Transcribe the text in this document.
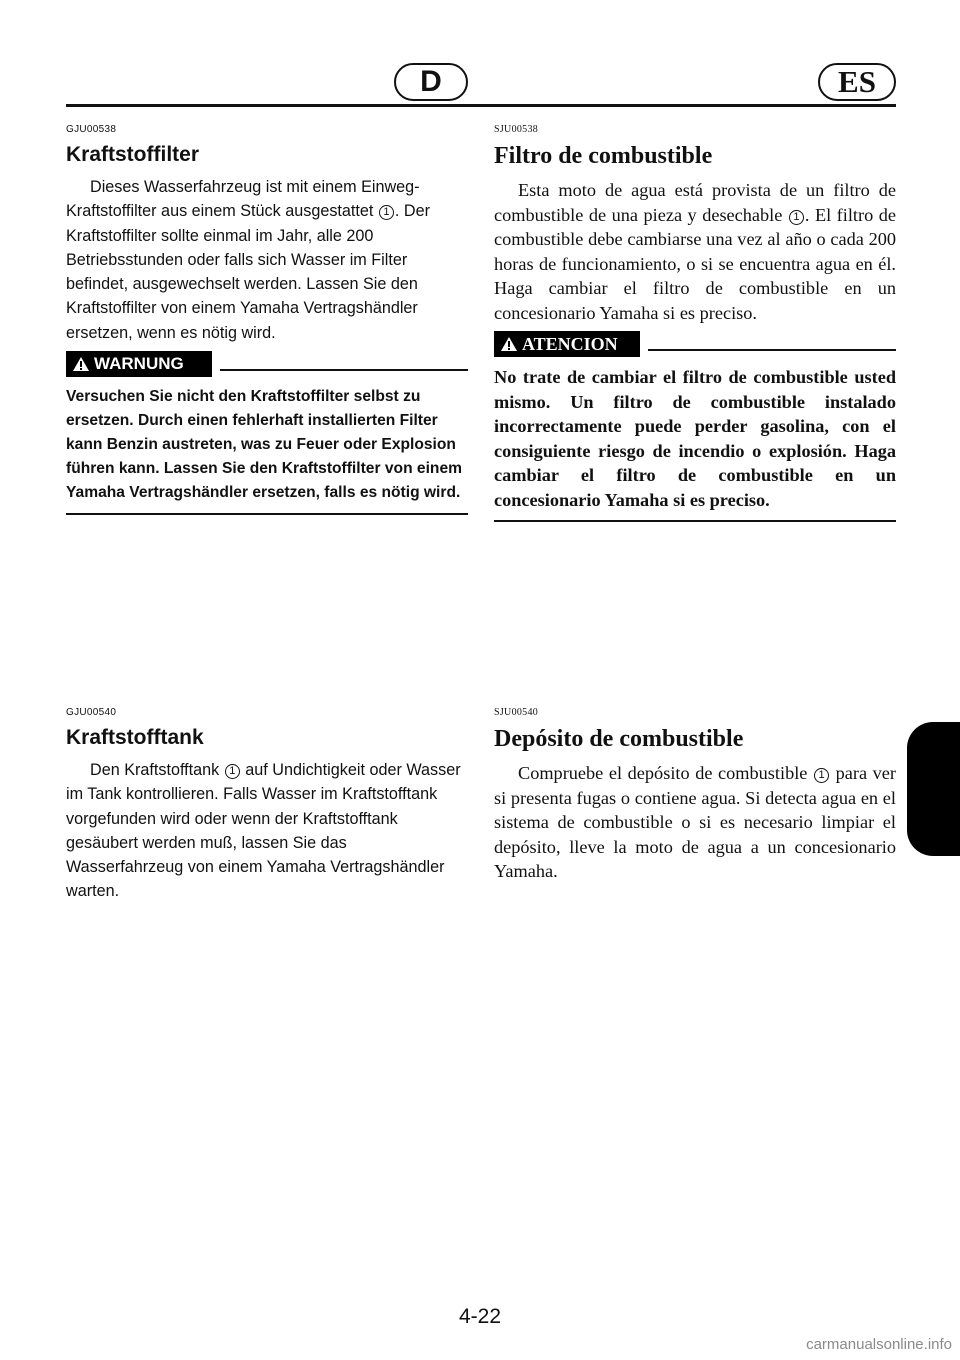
D	ES

GJU00538

Kraftstoffilter

Dieses Wasserfahrzeug ist mit einem Einweg-Kraftstoffilter aus einem Stück ausgestattet 1 . Der Kraftstoffilter sollte einmal im Jahr, alle 200 Betriebsstunden oder falls sich Wasser im Filter befindet, ausgewechselt werden. Lassen Sie den Kraftstoffilter von einem Yamaha Vertragshändler ersetzen, wenn es nötig wird.

WARNUNG

Versuchen Sie nicht den Kraftstoffilter selbst zu ersetzen. Durch einen fehlerhaft installierten Filter kann Benzin austreten, was zu Feuer oder Explosion führen kann. Lassen Sie den Kraftstoffilter von einem Yamaha Vertragshändler ersetzen, falls es nötig wird.

SJU00538

Filtro de combustible

Esta moto de agua está provista de un filtro de combustible de una pieza y desechable 1 . El filtro de combustible debe cambiarse una vez al año o cada 200 horas de funcionamiento, o si se encuentra agua en él. Haga cambiar el filtro de combustible en un concesionario Yamaha si es preciso.

ATENCION

No trate de cambiar el filtro de combustible usted mismo. Un filtro de combustible instalado incorrectamente puede perder gasolina, con el consiguiente riesgo de incendio o explosión. Haga cambiar el filtro de combustible en un concesionario Yamaha si es preciso.

GJU00540

Kraftstofftank

Den Kraftstofftank 1 auf Undichtigkeit oder Wasser im Tank kontrollieren. Falls Wasser im Kraftstofftank vorgefunden wird oder wenn der Kraftstofftank gesäubert werden muß, lassen Sie das Wasserfahrzeug von einem Yamaha Vertragshändler warten.

SJU00540

Depósito de combustible

Compruebe el depósito de combustible 1 para ver si presenta fugas o contiene agua. Si detecta agua en el sistema de combustible o si es necesario limpiar el depósito, lleve la moto de agua a un concesionario Yamaha.

4-22
carmanualsonline.info
